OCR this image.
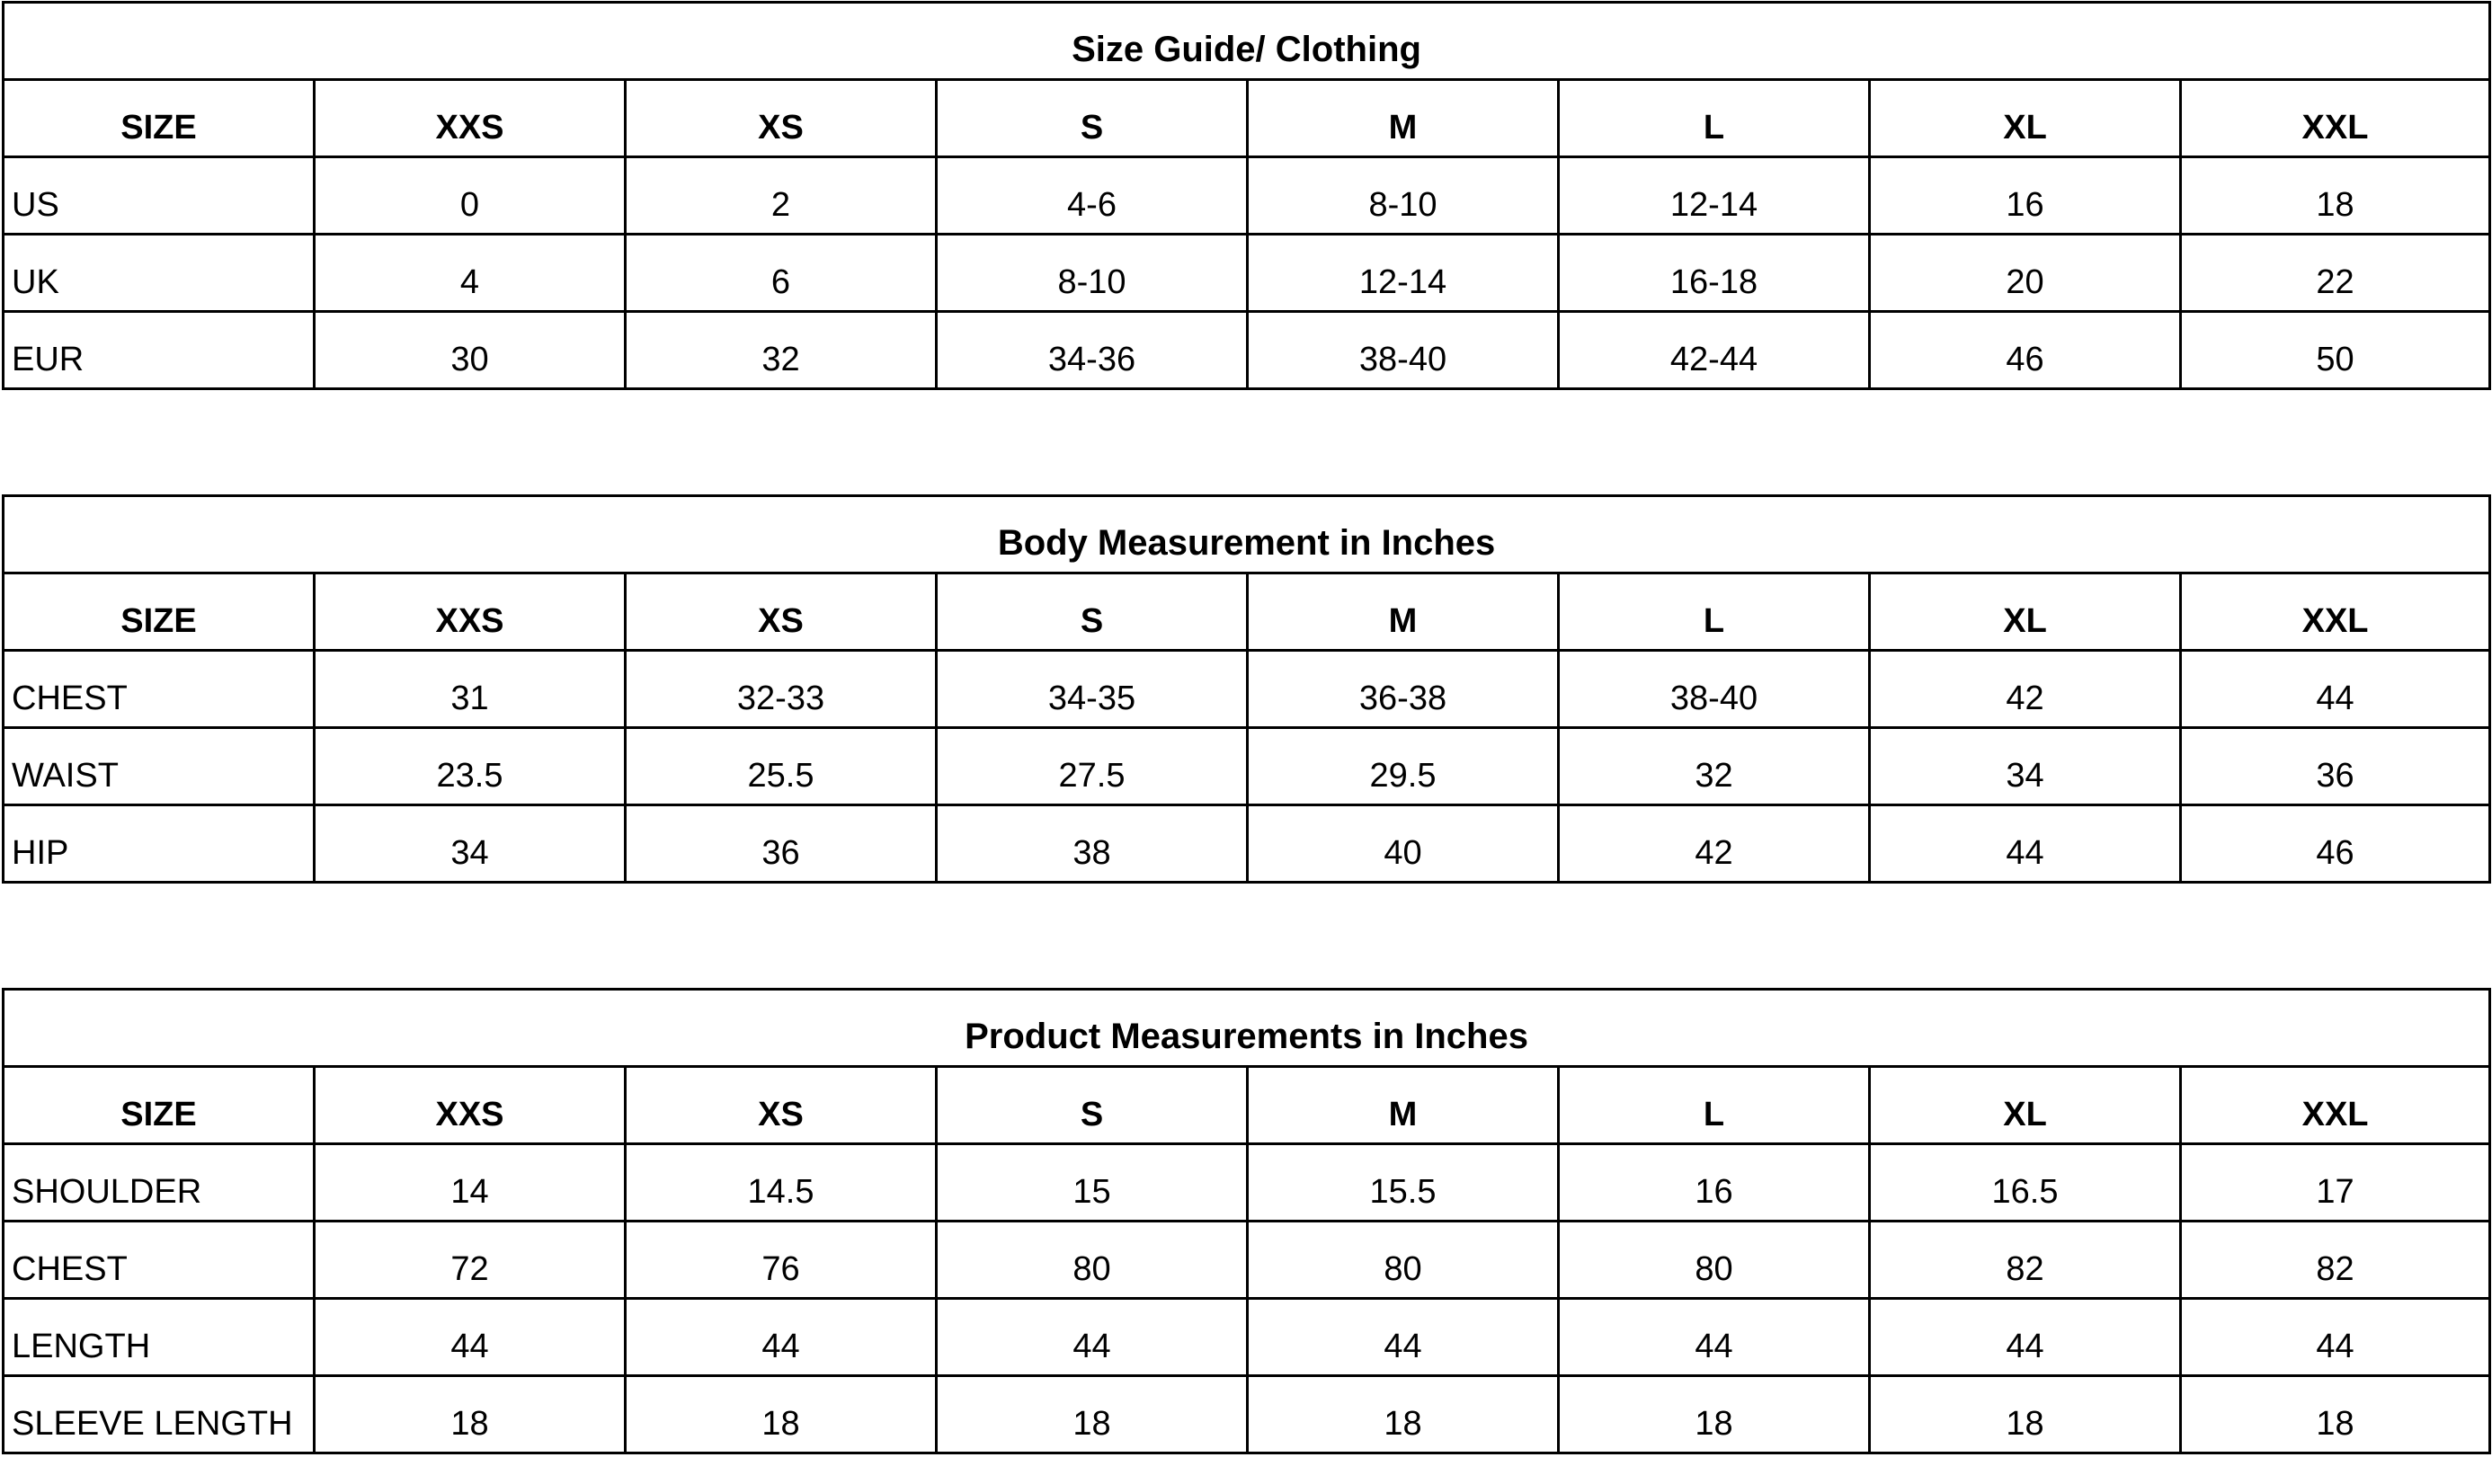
Size Guide/ Clothing							
SIZE	XXS	XS	S	M	L	XL	XXL
US	0	2	4-6	8-10	12-14	16	18
UK	4	6	8-10	12-14	16-18	20	22
EUR	30	32	34-36	38-40	42-44	46	50
Body Measurement in Inches							
SIZE	XXS	XS	S	M	L	XL	XXL
CHEST	31	32-33	34-35	36-38	38-40	42	44
WAIST	23.5	25.5	27.5	29.5	32	34	36
HIP	34	36	38	40	42	44	46
Product Measurements in Inches							
SIZE	XXS	XS	S	M	L	XL	XXL
SHOULDER	14	14.5	15	15.5	16	16.5	17
CHEST	72	76	80	80	80	82	82
LENGTH	44	44	44	44	44	44	44
SLEEVE LENGTH	18	18	18	18	18	18	18
